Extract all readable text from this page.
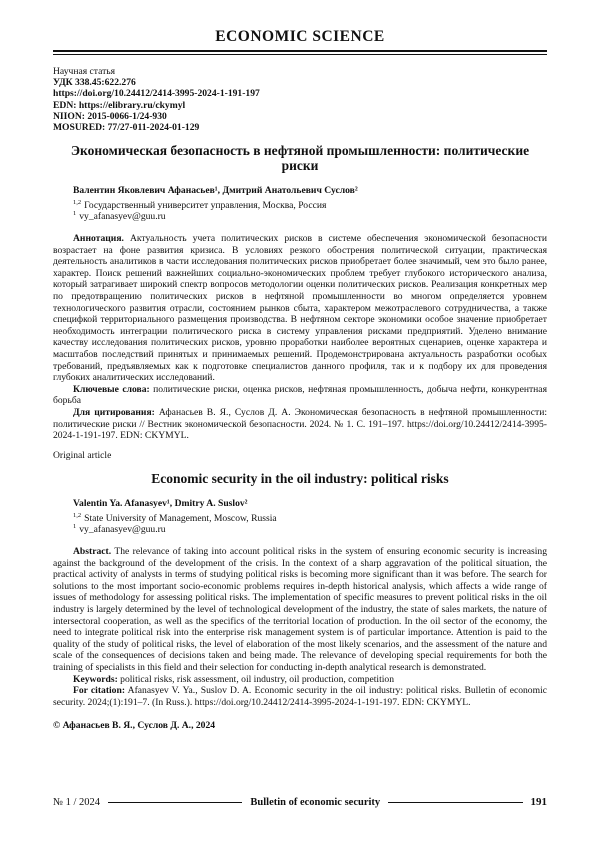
ECONOMIC SCIENCE
Научная статья
УДК 338.45:622.276
https://doi.org/10.24412/2414-3995-2024-1-191-197
EDN: https://elibrary.ru/ckymyl
NIION: 2015-0066-1/24-930
MOSURED: 77/27-011-2024-01-129
Экономическая безопасность в нефтяной промышленности: политические риски
Валентин Яковлевич Афанасьев¹, Дмитрий Анатольевич Суслов²
$^{1,2}$ Государственный университет управления, Москва, Россия
$^1$ vy_afanasyev@guu.ru
Аннотация. Актуальность учета политических рисков в системе обеспечения экономической безопасности возрастает на фоне развития кризиса. В условиях резкого обострения политической ситуации, практическая деятельность аналитиков в части исследования политических рисков приобретает более значимый, чем это было ранее, характер. Поиск решений важнейших социально-экономических проблем требует глубокого исторического анализа, который затрагивает широкий спектр вопросов методологии оценки политических рисков. Реализация конкретных мер по предотвращению политических рисков в нефтяной промышленности во многом определяется уровнем технологического развития отрасли, состоянием рынков сбыта, характером межотраслевого сотрудничества, а также специфкой территориального размещения производства. В нефтяном секторе экономики особое значение приобретает необходимость интеграции политического риска в систему управления рисками предприятий. Уделено внимание качеству исследования политических рисков, уровню проработки наиболее вероятных сценариев, оценке характера и масштабов последствий принятых и принимаемых решений. Продемонстрирована актуальность разработки особых требований, предъявляемых как к подготовке специалистов данного профиля, так и к подбору их для проведения глубоких аналитических исследований.
Ключевые слова: политические риски, оценка рисков, нефтяная промышленность, добыча нефти, конкурентная борьба
Для цитирования: Афанасьев В. Я., Суслов Д. А. Экономическая безопасность в нефтяной промышленности: политические риски // Вестник экономической безопасности. 2024. № 1. С. 191–197. https://doi.org/10.24412/2414-3995-2024-1-191-197. EDN: CKYMYL.
Original article
Economic security in the oil industry: political risks
Valentin Ya. Afanasyev¹, Dmitry A. Suslov²
$^{1,2}$ State University of Management, Moscow, Russia
$^1$ vy_afanasyev@guu.ru
Abstract. The relevance of taking into account political risks in the system of ensuring economic security is increasing against the background of the development of the crisis. In the context of a sharp aggravation of the political situation, the practical activity of analysts in terms of studying political risks is becoming more significant than it was before. The search for solutions to the most important socio-economic problems requires in-depth historical analysis, which affects a wide range of issues of methodology for assessing political risks. The implementation of specific measures to prevent political risks in the oil industry is largely determined by the level of technological development of the industry, the state of sales markets, the nature of intersectoral cooperation, as well as the specifics of the territorial location of production. In the oil sector of the economy, the need to integrate political risk into the enterprise risk management system is of particular importance. Attention is paid to the quality of the study of political risks, the level of elaboration of the most likely scenarios, and the assessment of the nature and scale of the consequences of decisions taken and being made. The relevance of developing special requirements for both the training of specialists in this field and their selection for conducting in-depth analytical research is demonstrated.
Keywords: political risks, risk assessment, oil industry, oil production, competition
For citation: Afanasyev V. Ya., Suslov D. A. Economic security in the oil industry: political risks. Bulletin of economic security. 2024;(1):191–7. (In Russ.). https://doi.org/10.24412/2414-3995-2024-1-191-197. EDN: CKYMYL.
© Афанасьев В. Я., Суслов Д. А., 2024
№ 1 / 2024	Bulletin of economic security	191
